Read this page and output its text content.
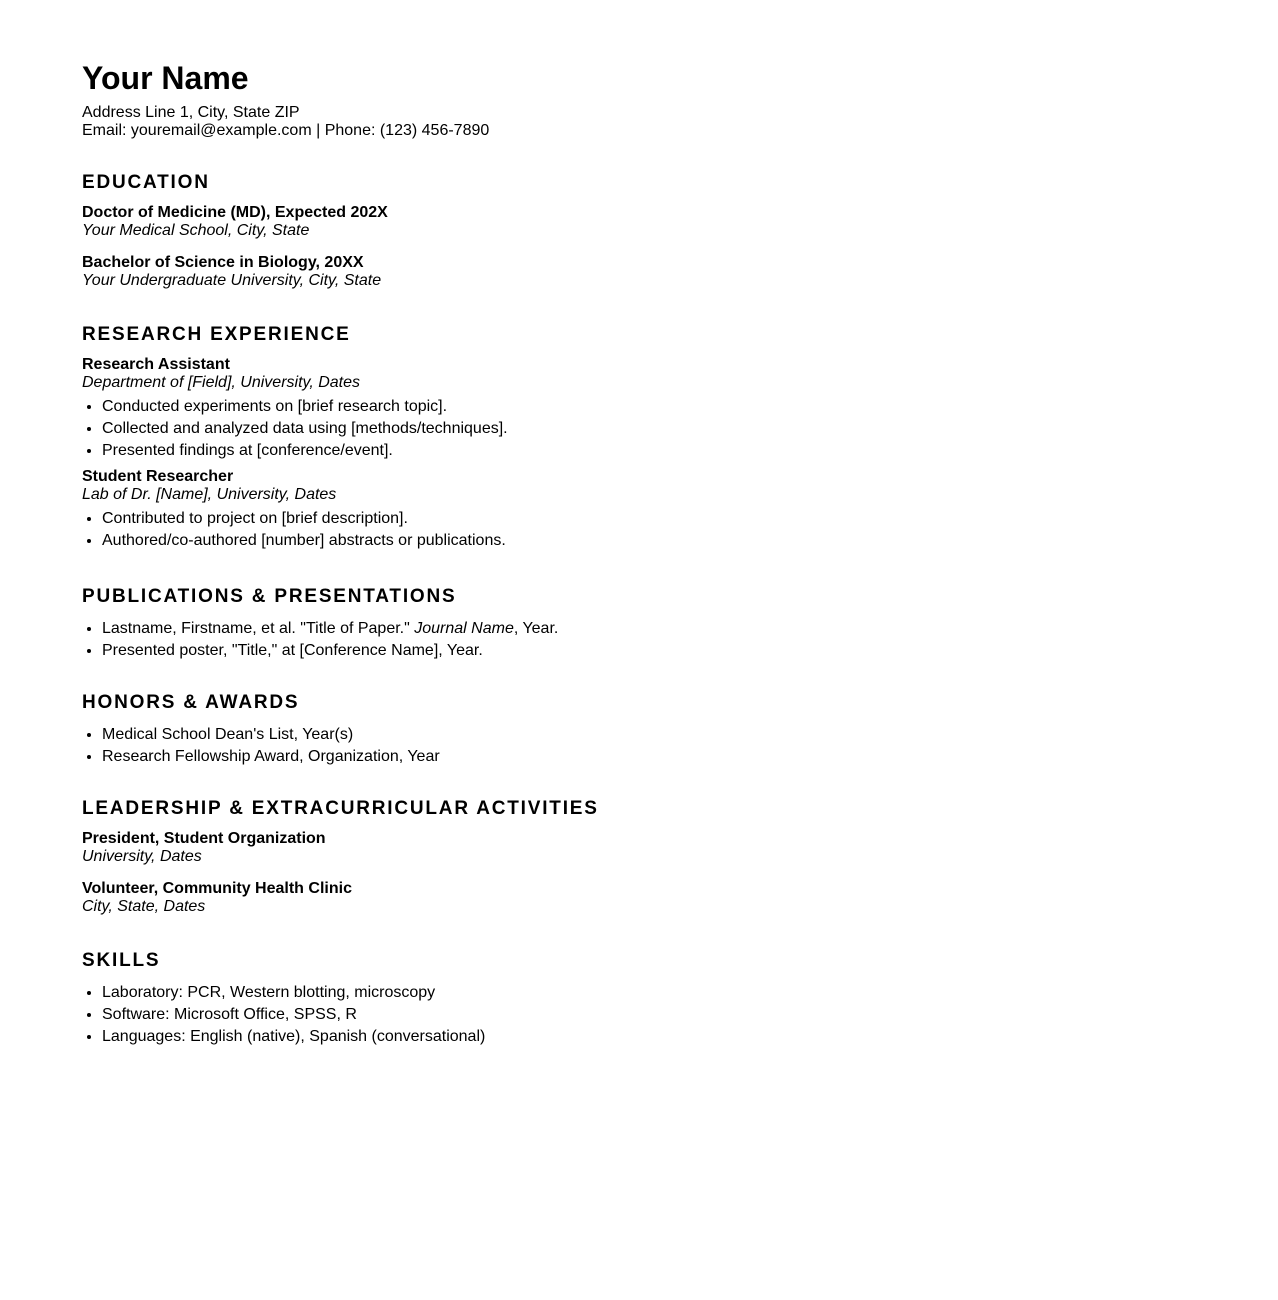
Your Name
Address Line 1, City, State ZIP
Email: youremail@example.com | Phone: (123) 456-7890
EDUCATION
Doctor of Medicine (MD), Expected 202X
Your Medical School, City, State
Bachelor of Science in Biology, 20XX
Your Undergraduate University, City, State
RESEARCH EXPERIENCE
Research Assistant
Department of [Field], University, Dates
• Conducted experiments on [brief research topic].
• Collected and analyzed data using [methods/techniques].
• Presented findings at [conference/event].
Student Researcher
Lab of Dr. [Name], University, Dates
• Contributed to project on [brief description].
• Authored/co-authored [number] abstracts or publications.
PUBLICATIONS & PRESENTATIONS
• Lastname, Firstname, et al. "Title of Paper." Journal Name, Year.
• Presented poster, "Title," at [Conference Name], Year.
HONORS & AWARDS
• Medical School Dean's List, Year(s)
• Research Fellowship Award, Organization, Year
LEADERSHIP & EXTRACURRICULAR ACTIVITIES
President, Student Organization
University, Dates
Volunteer, Community Health Clinic
City, State, Dates
SKILLS
• Laboratory: PCR, Western blotting, microscopy
• Software: Microsoft Office, SPSS, R
• Languages: English (native), Spanish (conversational)
